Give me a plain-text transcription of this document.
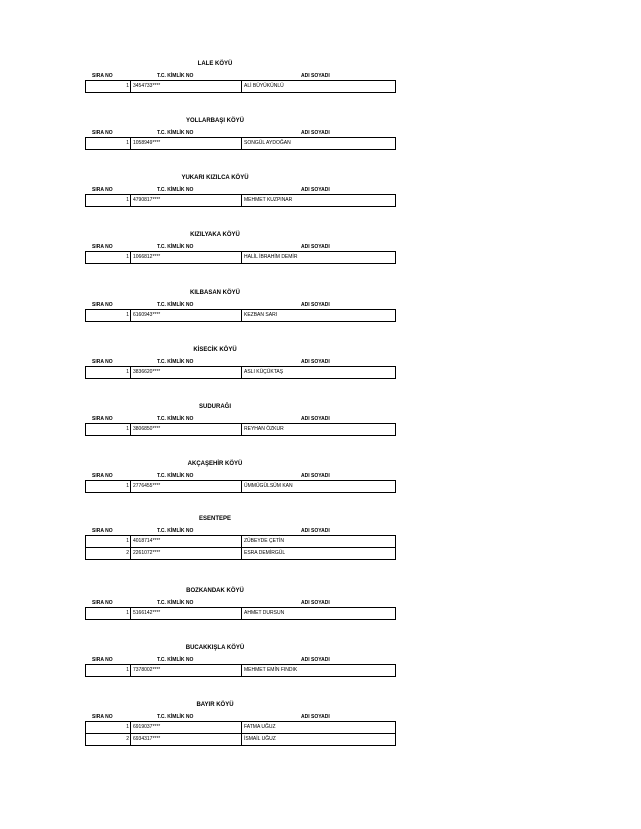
LALE KÖYÜ
SIRA NO	T.C. KİMLİK NO	ADI SOYADI
1 3454733****	ALİ BÜYÜKÜNLÜ
YOLLARBAŞI KÖYÜ
SIRA NO	T.C. KİMLİK NO	ADI SOYADI
1 1058949****	SONGÜL AYDOĞAN
YUKARI KIZILCA KÖYÜ
SIRA NO	T.C. KİMLİK NO	ADI SOYADI
1 4790817****	MEHMET KUZPINAR
KIZILYAKA KÖYÜ
SIRA NO	T.C. KİMLİK NO	ADI SOYADI
1 1066812****	HALİL İBRAHİM DEMİR
KILBASAN KÖYÜ
SIRA NO	T.C. KİMLİK NO	ADI SOYADI
1 6160943****	KEZBAN SARI
KİSECİK KÖYÜ
SIRA NO	T.C. KİMLİK NO	ADI SOYADI
1 3836620****	ASLI KÜÇÜKTAŞ
SUDURAĞI
SIRA NO	T.C. KİMLİK NO	ADI SOYADI
1 3806850****	REYHAN ÖZKUR
AKÇAŞEHİR KÖYÜ
SIRA NO	T.C. KİMLİK NO	ADI SOYADI
1 2776455****	ÜMMÜGÜLSÜM KAN
ESENTEPE
SIRA NO	T.C. KİMLİK NO	ADI SOYADI
1 4018714****	ZÜBEYDE ÇETİN
2 2261072****	ESRA DEMİRGÜL
BOZKANDAK KÖYÜ
SIRA NO	T.C. KİMLİK NO	ADI SOYADI
1 5166142****	AHMET DURSUN
BUCAKKIŞLA KÖYÜ
SIRA NO	T.C. KİMLİK NO	ADI SOYADI
1 7378002****	MEHMET EMİN FINDIK
BAYIR KÖYÜ
SIRA NO	T.C. KİMLİK NO	ADI SOYADI
1 6919037****	FATMA UĞUZ
2 6934317****	İSMAİL UĞUZ
